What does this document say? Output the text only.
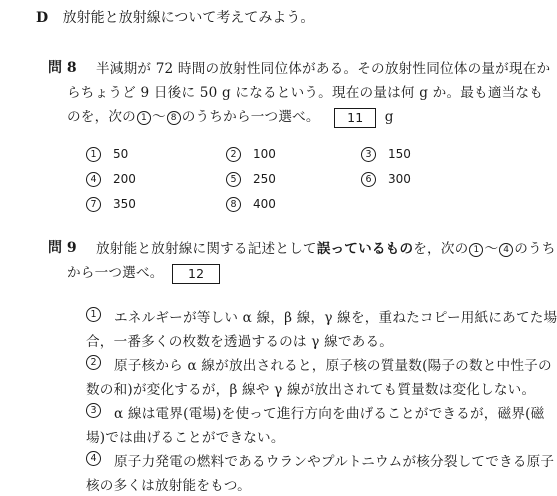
D 放射能と放射線について考えてみよう。
問 8 半減期が 72 時間の放射性同位体がある。その放射性同位体の量が現在か
らちょうど 9 日後に 50 g になるという。現在の量は何 g か。最も適当なも
のを，次の 1 ～ 8 のうちから一つ選べ。 11 g
1 50	2 100	3 150
4 200	5 250	6 300
7 350	8 400
問 9 放射能と放射線に関する記述として誤っているものを，次の 1 ～ 4 のうち
から一つ選べ。 12
1	エネルギーが等しい α 線，β 線，γ 線を，重ねたコピー用紙にあてた場
合，一番多くの枚数を透過するのは γ 線である。
2	原子核から α 線が放出されると，原子核の質量数(陽子の数と中性子の
数の和)が変化するが，β 線や γ 線が放出されても質量数は変化しない。
3	α 線は電界(電場)を使って進行方向を曲げることができるが，磁界(磁
場)では曲げることができない。
4	原子力発電の燃料であるウランやプルトニウムが核分裂してできる原子
核の多くは放射能をもつ。
